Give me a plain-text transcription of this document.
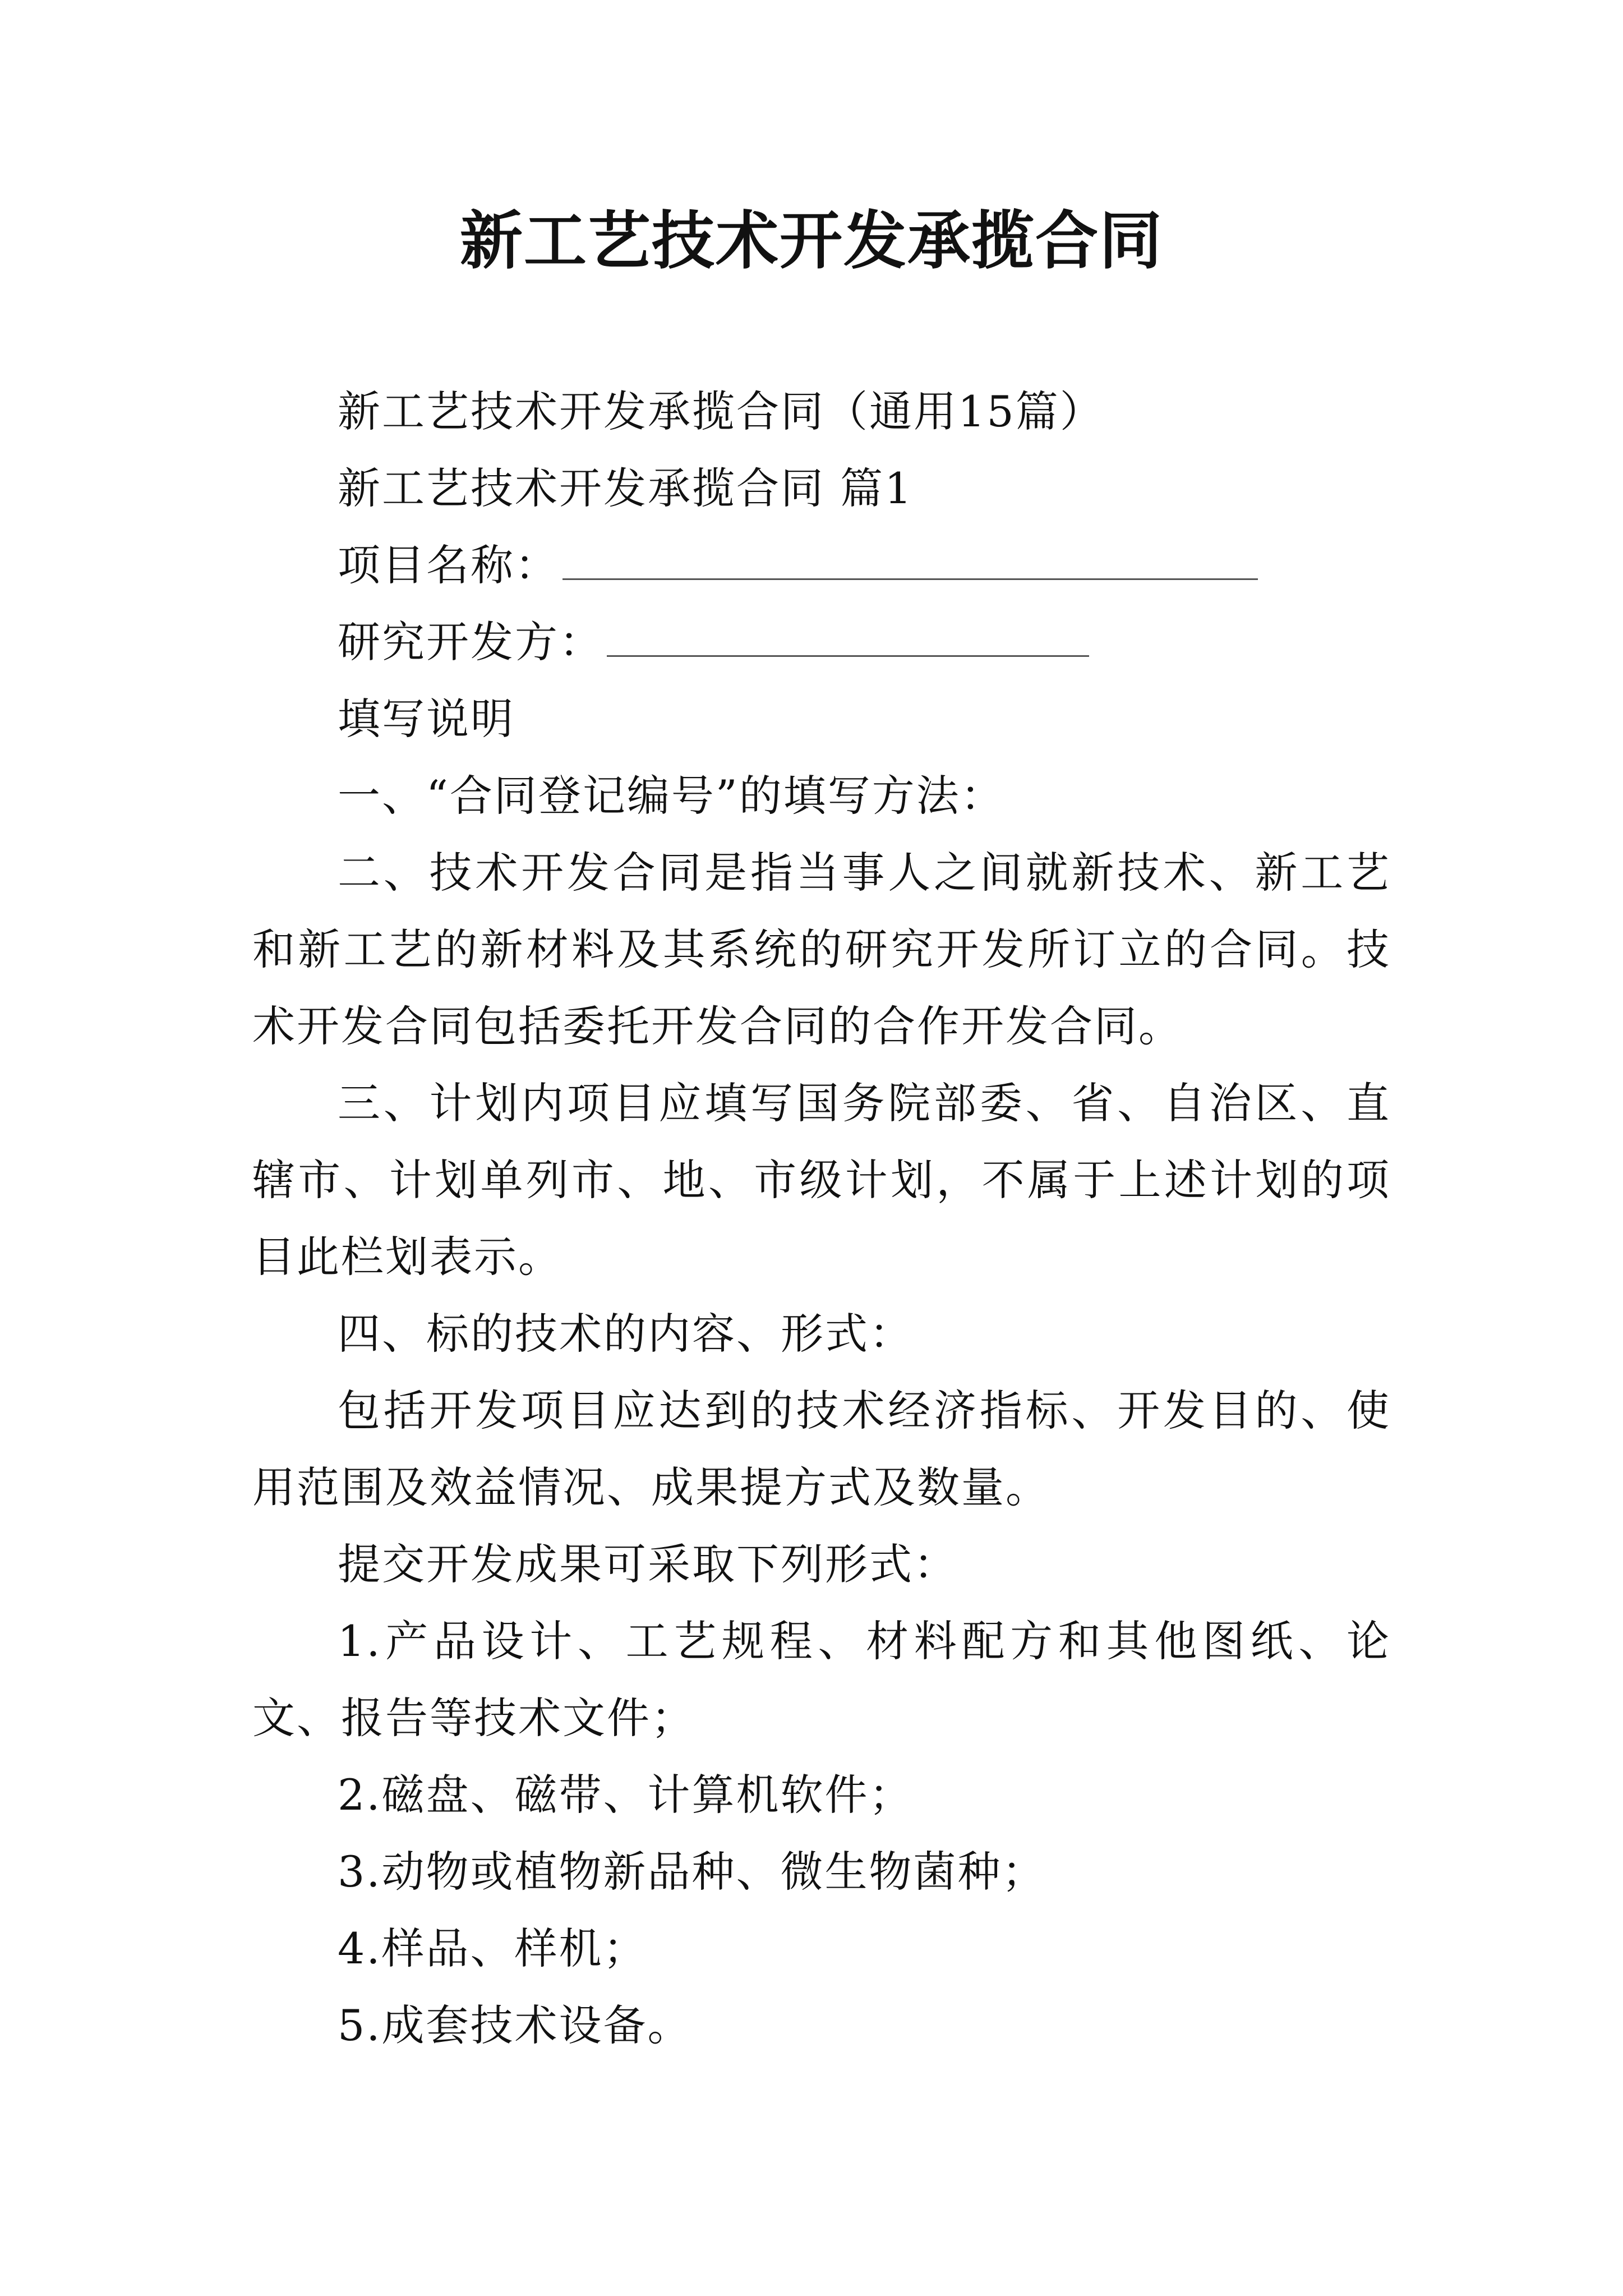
新工艺技术开发承揽合同

新工艺技术开发承揽合同（通用15篇）

新工艺技术开发承揽合同 篇1

项目名称：

研究开发方：

填写说明

一、“合同登记编号”的填写方法：

二、技术开发合同是指当事人之间就新技术、新工艺和新工艺的新材料及其系统的研究开发所订立的合同。技术开发合同包括委托开发合同的合作开发合同。

三、计划内项目应填写国务院部委、省、自治区、直辖市、计划单列市、地、市级计划，不属于上述计划的项目此栏划表示。

四、标的技术的内容、形式：

包括开发项目应达到的技术经济指标、开发目的、使用范围及效益情况、成果提方式及数量。

提交开发成果可采取下列形式：

1.产品设计、工艺规程、材料配方和其他图纸、论文、报告等技术文件；

2.磁盘、磁带、计算机软件；

3.动物或植物新品种、微生物菌种；

4.样品、样机；

5.成套技术设备。
